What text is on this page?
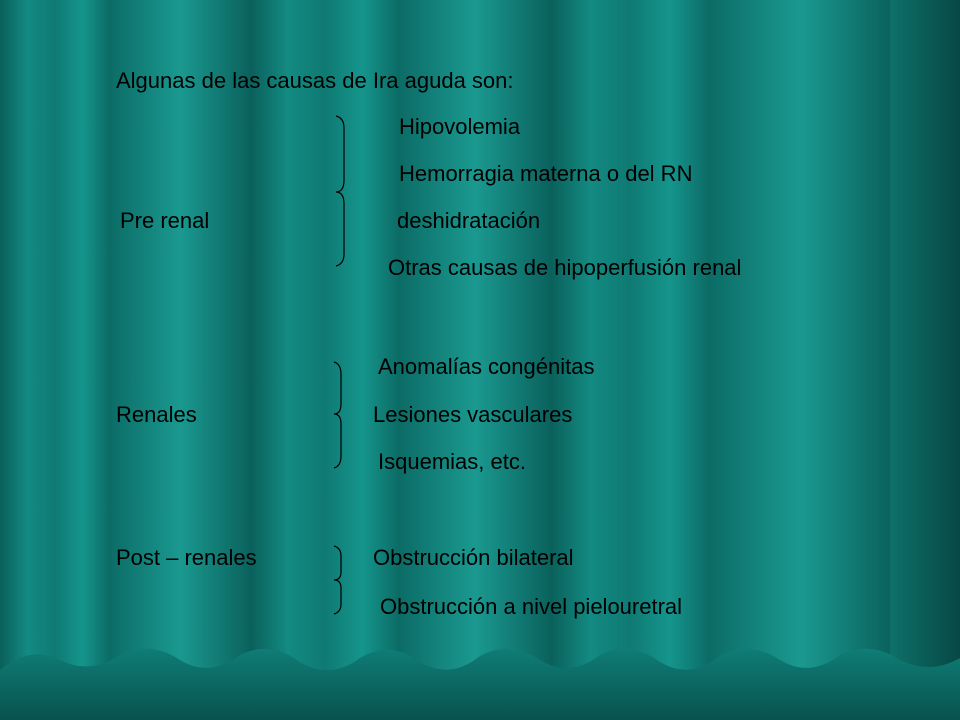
Algunas de las causas de Ira aguda son:
Pre renal
Hipovolemia
Hemorragia materna o del RN
deshidratación
Otras causas de hipoperfusión renal
Renales
Anomalías congénitas
Lesiones vasculares
Isquemias, etc.
Post – renales	Obstrucción bilateral
Obstrucción a nivel pielouretral
